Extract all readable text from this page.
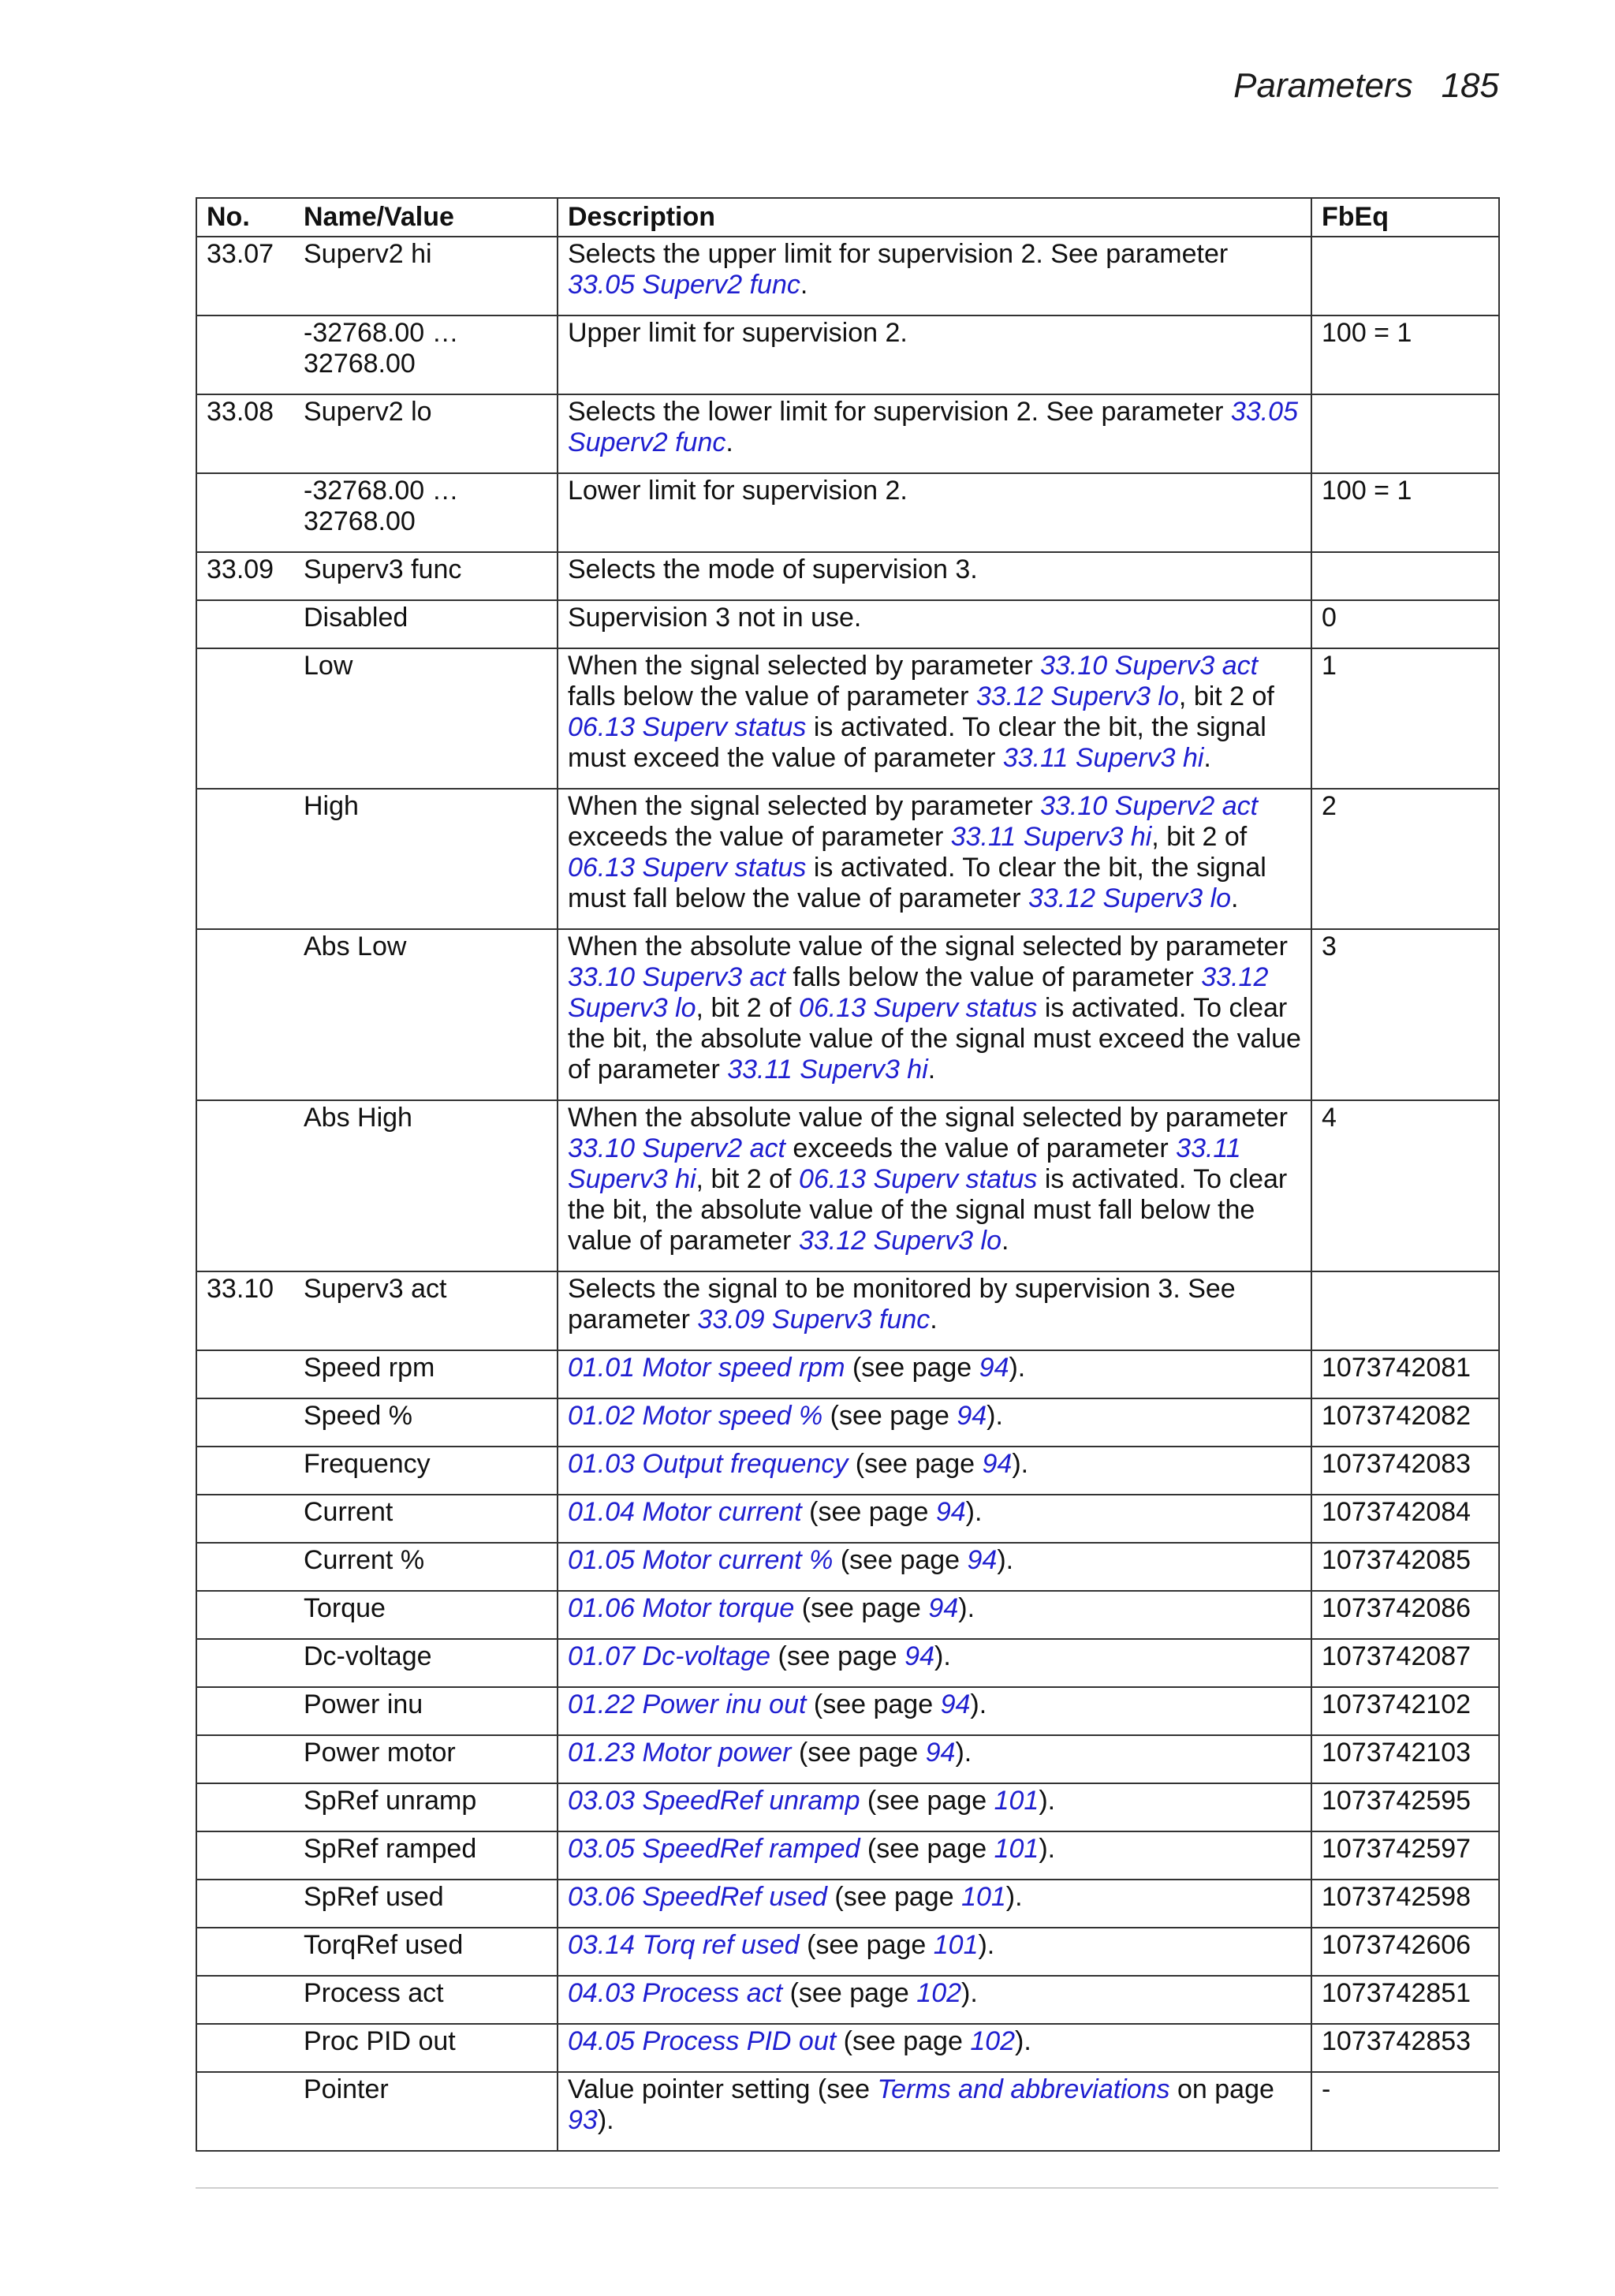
Parameters 185
No.	Name/Value	Description	FbEq
33.07	Superv2 hi	Selects the upper limit for supervision 2. See parameter 33.05 Superv2 func.	
	-32768.00 … 32768.00	Upper limit for supervision 2.	100 = 1
33.08	Superv2 lo	Selects the lower limit for supervision 2. See parameter 33.05 Superv2 func.	
	-32768.00 … 32768.00	Lower limit for supervision 2.	100 = 1
33.09	Superv3 func	Selects the mode of supervision 3.	
	Disabled	Supervision 3 not in use.	0
	Low	When the signal selected by parameter 33.10 Superv3 act falls below the value of parameter 33.12 Superv3 lo, bit 2 of 06.13 Superv status is activated. To clear the bit, the signal must exceed the value of parameter 33.11 Superv3 hi.	1
	High	When the signal selected by parameter 33.10 Superv2 act exceeds the value of parameter 33.11 Superv3 hi, bit 2 of 06.13 Superv status is activated. To clear the bit, the signal must fall below the value of parameter 33.12 Superv3 lo.	2
	Abs Low	When the absolute value of the signal selected by parameter 33.10 Superv3 act falls below the value of parameter 33.12 Superv3 lo, bit 2 of 06.13 Superv status is activated. To clear the bit, the absolute value of the signal must exceed the value of parameter 33.11 Superv3 hi.	3
	Abs High	When the absolute value of the signal selected by parameter 33.10 Superv2 act exceeds the value of parameter 33.11 Superv3 hi, bit 2 of 06.13 Superv status is activated. To clear the bit, the absolute value of the signal must fall below the value of parameter 33.12 Superv3 lo.	4
33.10	Superv3 act	Selects the signal to be monitored by supervision 3. See parameter 33.09 Superv3 func.	
	Speed rpm	01.01 Motor speed rpm (see page 94).	1073742081
	Speed %	01.02 Motor speed % (see page 94).	1073742082
	Frequency	01.03 Output frequency (see page 94).	1073742083
	Current	01.04 Motor current (see page 94).	1073742084
	Current %	01.05 Motor current % (see page 94).	1073742085
	Torque	01.06 Motor torque (see page 94).	1073742086
	Dc-voltage	01.07 Dc-voltage (see page 94).	1073742087
	Power inu	01.22 Power inu out (see page 94).	1073742102
	Power motor	01.23 Motor power (see page 94).	1073742103
	SpRef unramp	03.03 SpeedRef unramp (see page 101).	1073742595
	SpRef ramped	03.05 SpeedRef ramped (see page 101).	1073742597
	SpRef used	03.06 SpeedRef used (see page 101).	1073742598
	TorqRef used	03.14 Torq ref used (see page 101).	1073742606
	Process act	04.03 Process act (see page 102).	1073742851
	Proc PID out	04.05 Process PID out (see page 102).	1073742853
	Pointer	Value pointer setting (see Terms and abbreviations on page 93).	-
